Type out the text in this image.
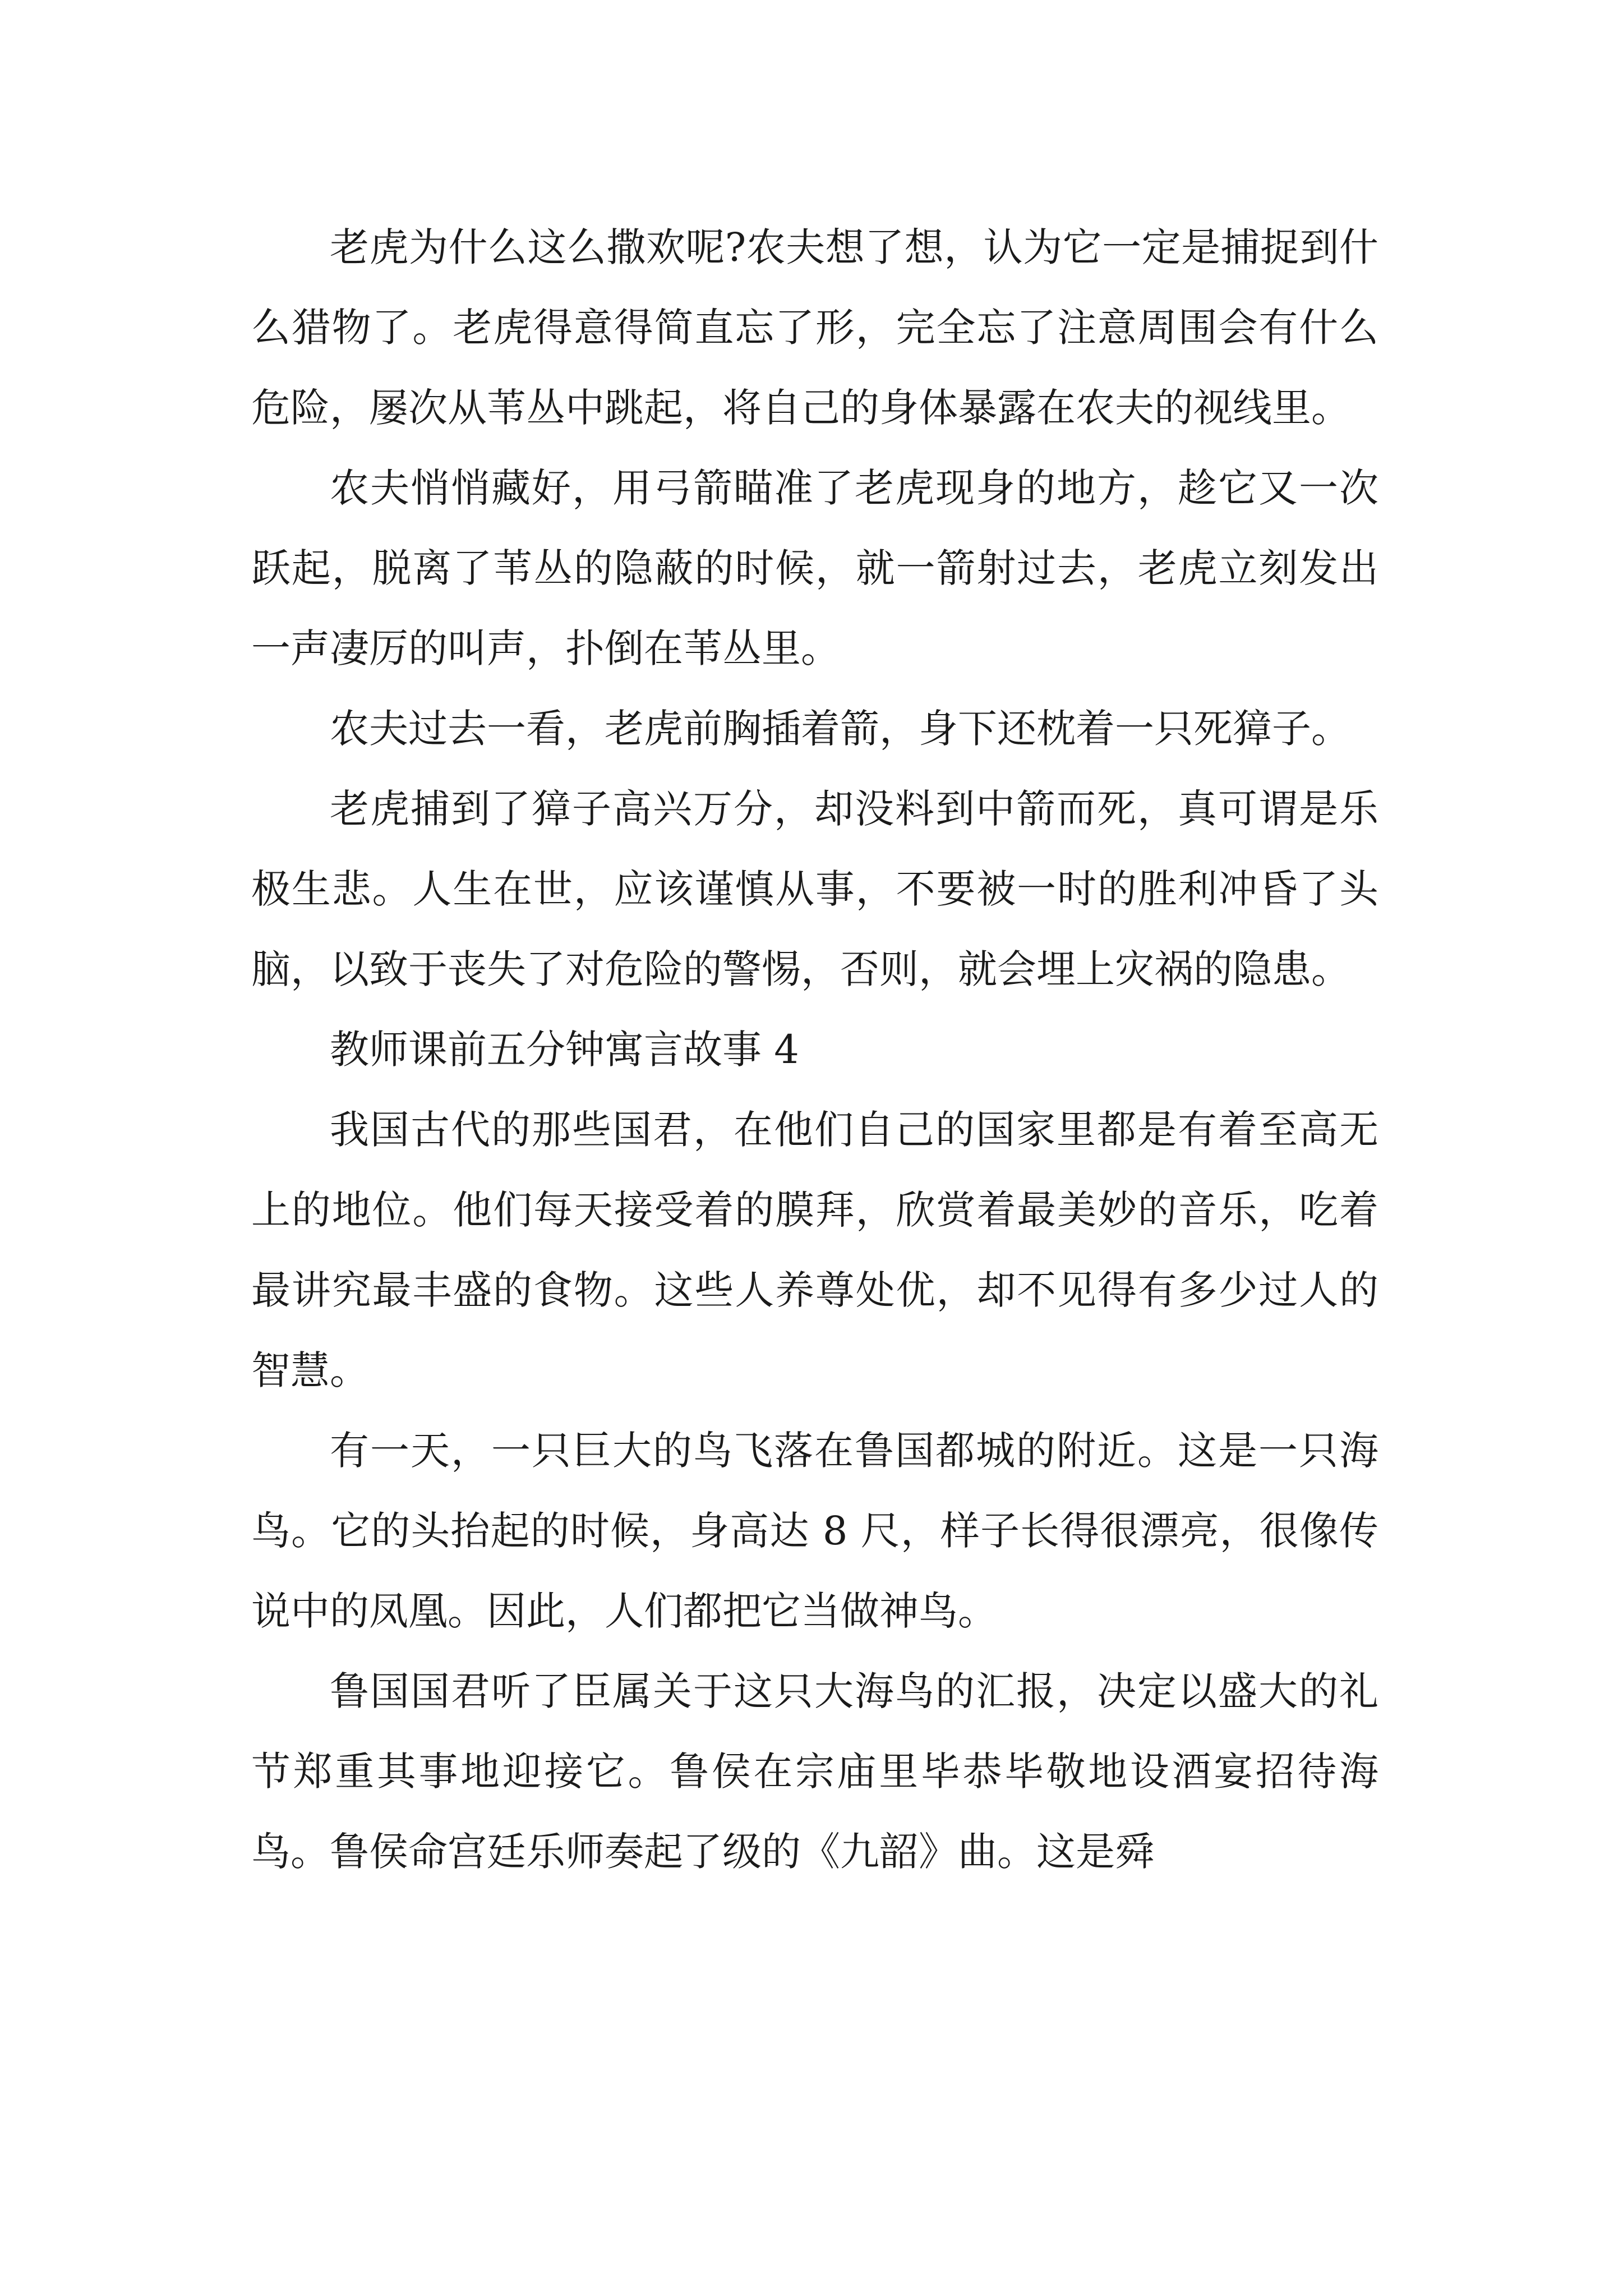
老虎为什么这么撒欢呢?农夫想了想，认为它一定是捕捉到什么猎物了。老虎得意得简直忘了形，完全忘了注意周围会有什么危险，屡次从苇丛中跳起，将自己的身体暴露在农夫的视线里。

农夫悄悄藏好，用弓箭瞄准了老虎现身的地方，趁它又一次跃起，脱离了苇丛的隐蔽的时候，就一箭射过去，老虎立刻发出一声凄厉的叫声，扑倒在苇丛里。

农夫过去一看，老虎前胸插着箭，身下还枕着一只死獐子。

老虎捕到了獐子高兴万分，却没料到中箭而死，真可谓是乐极生悲。人生在世，应该谨慎从事，不要被一时的胜利冲昏了头脑，以致于丧失了对危险的警惕，否则，就会埋上灾祸的隐患。

教师课前五分钟寓言故事 4

我国古代的那些国君，在他们自己的国家里都是有着至高无上的地位。他们每天接受着的膜拜，欣赏着最美妙的音乐，吃着最讲究最丰盛的食物。这些人养尊处优，却不见得有多少过人的智慧。

有一天，一只巨大的鸟飞落在鲁国都城的附近。这是一只海鸟。它的头抬起的时候，身高达 8 尺，样子长得很漂亮，很像传说中的凤凰。因此，人们都把它当做神鸟。

鲁国国君听了臣属关于这只大海鸟的汇报，决定以盛大的礼节郑重其事地迎接它。鲁侯在宗庙里毕恭毕敬地设酒宴招待海鸟。鲁侯命宫廷乐师奏起了级的《九韶》曲。这是舜
